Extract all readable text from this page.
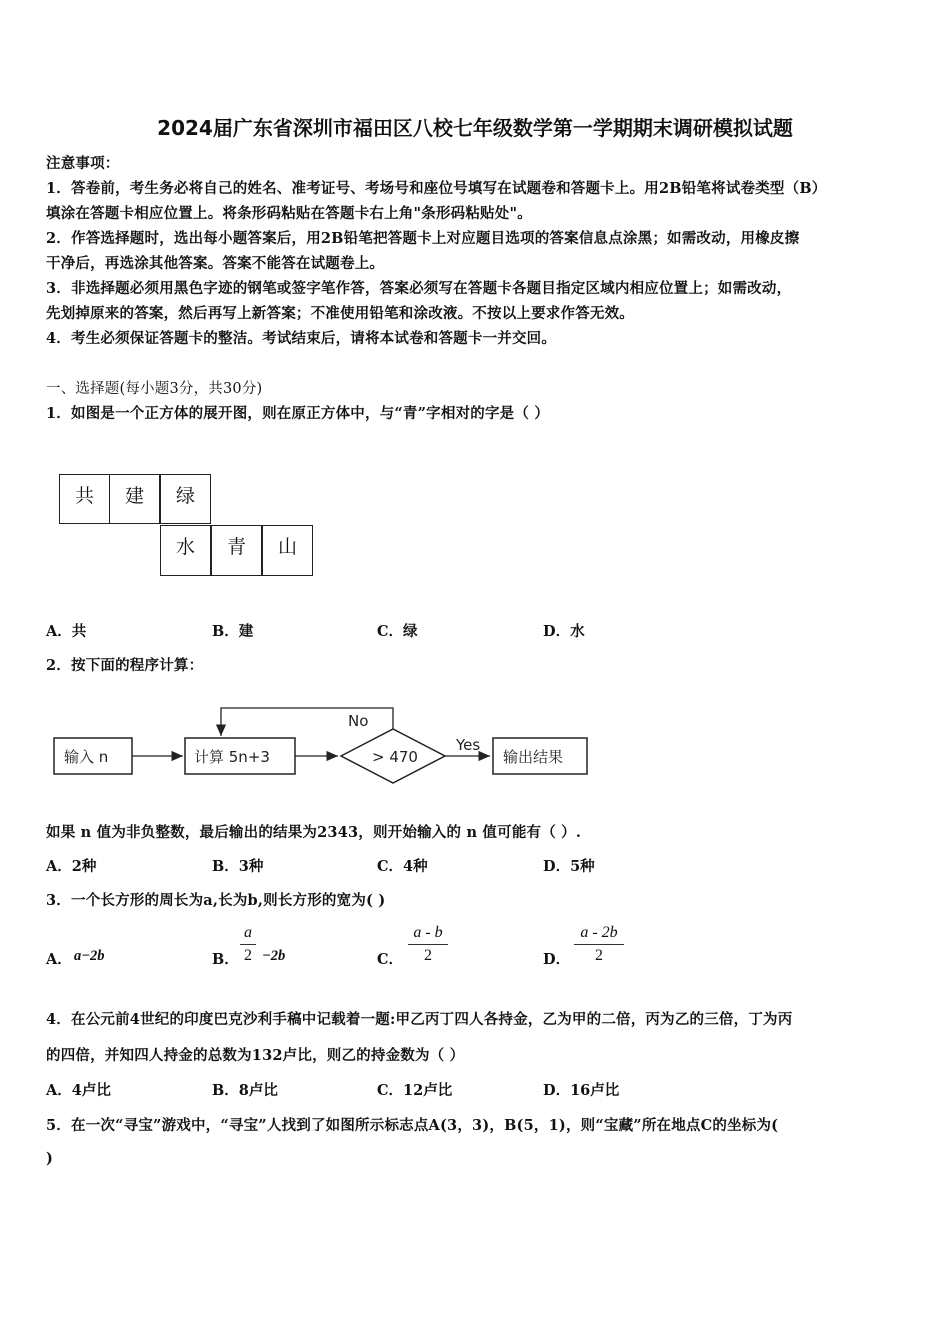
2024届广东省深圳市福田区八校七年级数学第一学期期末调研模拟试题
注意事项：
1．答卷前，考生务必将自己的姓名、准考证号、考场号和座位号填写在试题卷和答题卡上。用2B铅笔将试卷类型（B）
填涂在答题卡相应位置上。将条形码粘贴在答题卡右上角"条形码粘贴处"。
2．作答选择题时，选出每小题答案后，用2B铅笔把答题卡上对应题目选项的答案信息点涂黑；如需改动，用橡皮擦
干净后，再选涂其他答案。答案不能答在试题卷上。
3．非选择题必须用黑色字迹的钢笔或签字笔作答，答案必须写在答题卡各题目指定区域内相应位置上；如需改动，
先划掉原来的答案，然后再写上新答案；不准使用铅笔和涂改液。不按以上要求作答无效。
4．考生必须保证答题卡的整洁。考试结束后，请将本试卷和答题卡一并交回。
一、选择题(每小题3分，共30分)
1．如图是一个正方体的展开图，则在原正方体中，与“青”字相对的字是（ ）
共	建	绿
水	青	山
A．共	B．建	C．绿	D．水
2．按下面的程序计算：
输入 n	计算 5n+3	> 470
No
Yes
输出结果
如果 n 值为非负整数，最后输出的结果为2343，则开始输入的 n 值可能有（ ）.
A．2种	B．3种	C．4种	D．5种
3．一个长方形的周长为a,长为b,则长方形的宽为( )
A． a−2b	B．
a
2 −2b	C．
a - b
2	D．
a - 2b
2
4．在公元前4世纪的印度巴克沙利手稿中记载着一题:甲乙丙丁四人各持金，乙为甲的二倍，丙为乙的三倍，丁为丙
的四倍，并知四人持金的总数为132卢比，则乙的持金数为（ ）
A．4卢比	B．8卢比	C．12卢比	D．16卢比
5．在一次“寻宝”游戏中，“寻宝”人找到了如图所示标志点A(3，3)，B(5，1)，则“宝藏”所在地点C的坐标为(
)
